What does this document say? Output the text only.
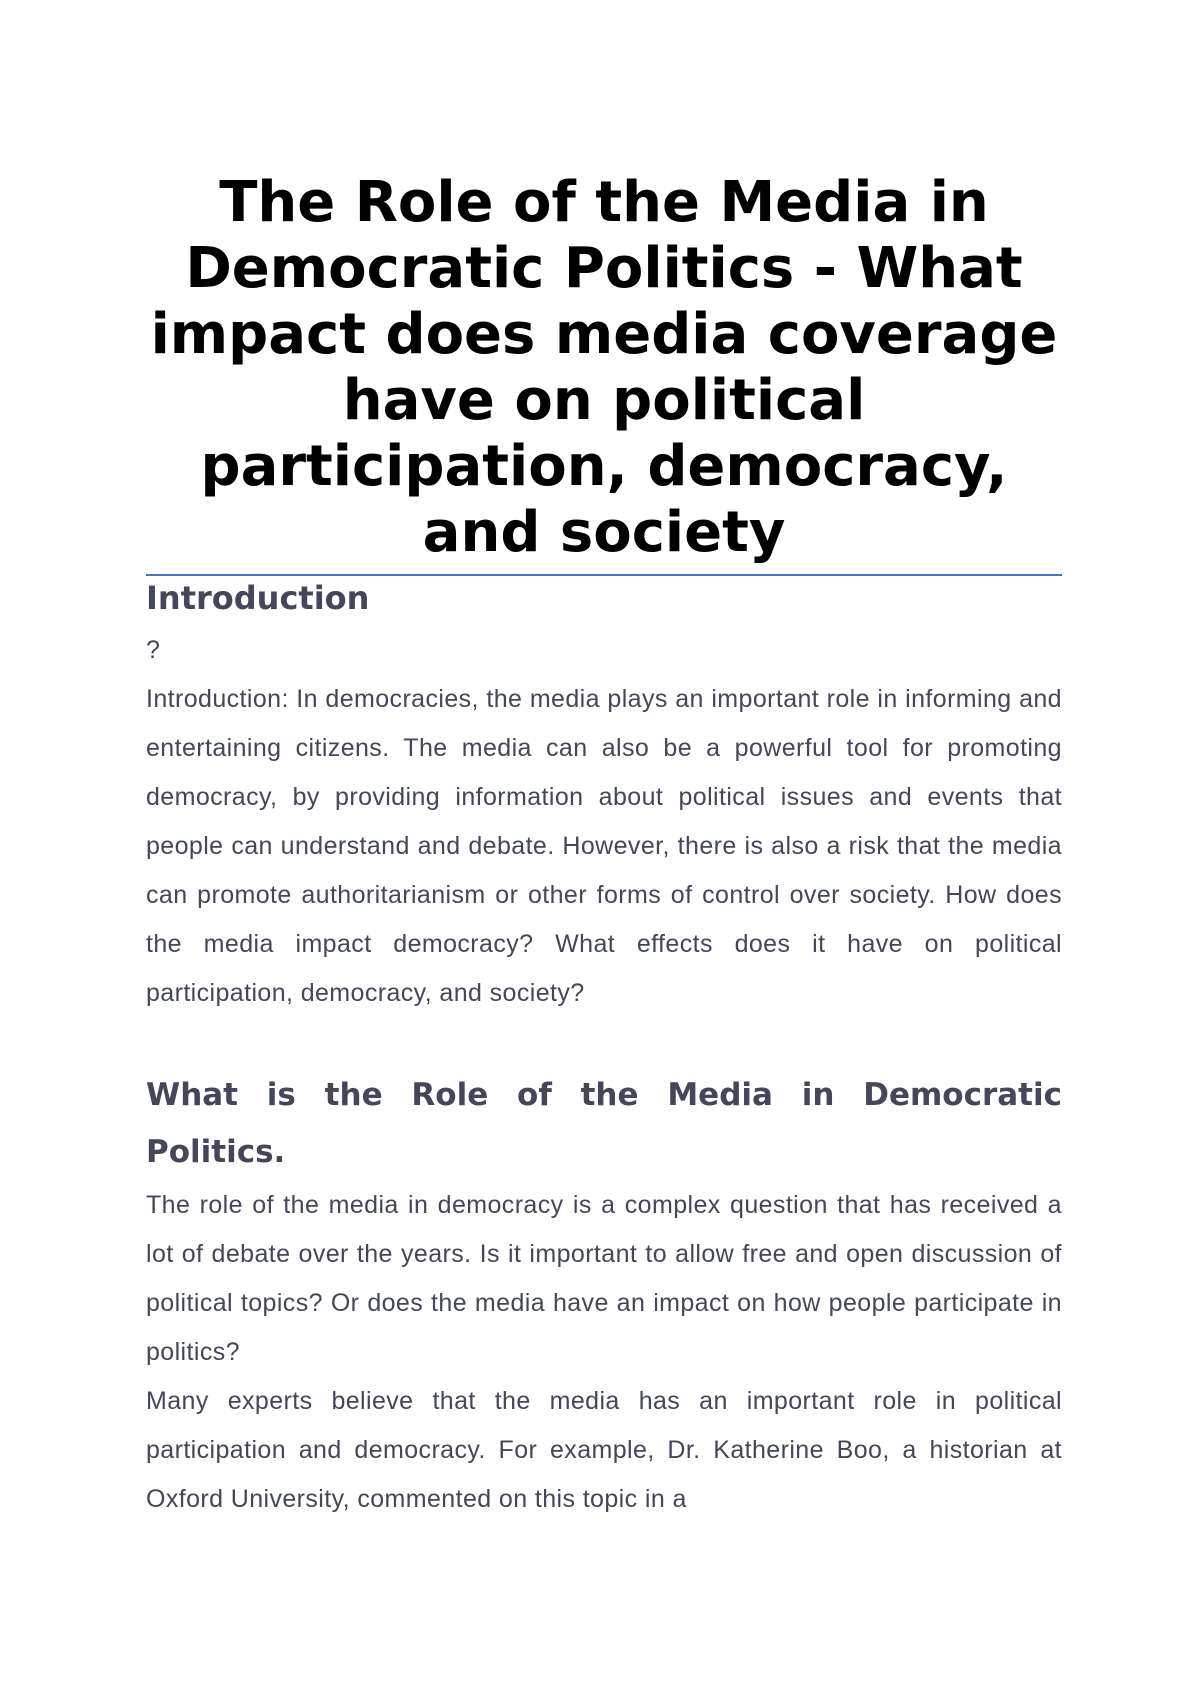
The Role of the Media in Democratic Politics - What impact does media coverage have on political participation, democracy, and society
Introduction

?

Introduction: In democracies, the media plays an important role in informing and entertaining citizens. The media can also be a powerful tool for promoting democracy, by providing information about political issues and events that people can understand and debate. However, there is also a risk that the media can promote authoritarianism or other forms of control over society. How does the media impact democracy? What effects does it have on political participation, democracy, and society?

What is the Role of the Media in Democratic Politics.

The role of the media in democracy is a complex question that has received a lot of debate over the years. Is it important to allow free and open discussion of political topics? Or does the media have an impact on how people participate in politics?

Many experts believe that the media has an important role in political participation and democracy. For example, Dr. Katherine Boo, a historian at Oxford University, commented on this topic in a
